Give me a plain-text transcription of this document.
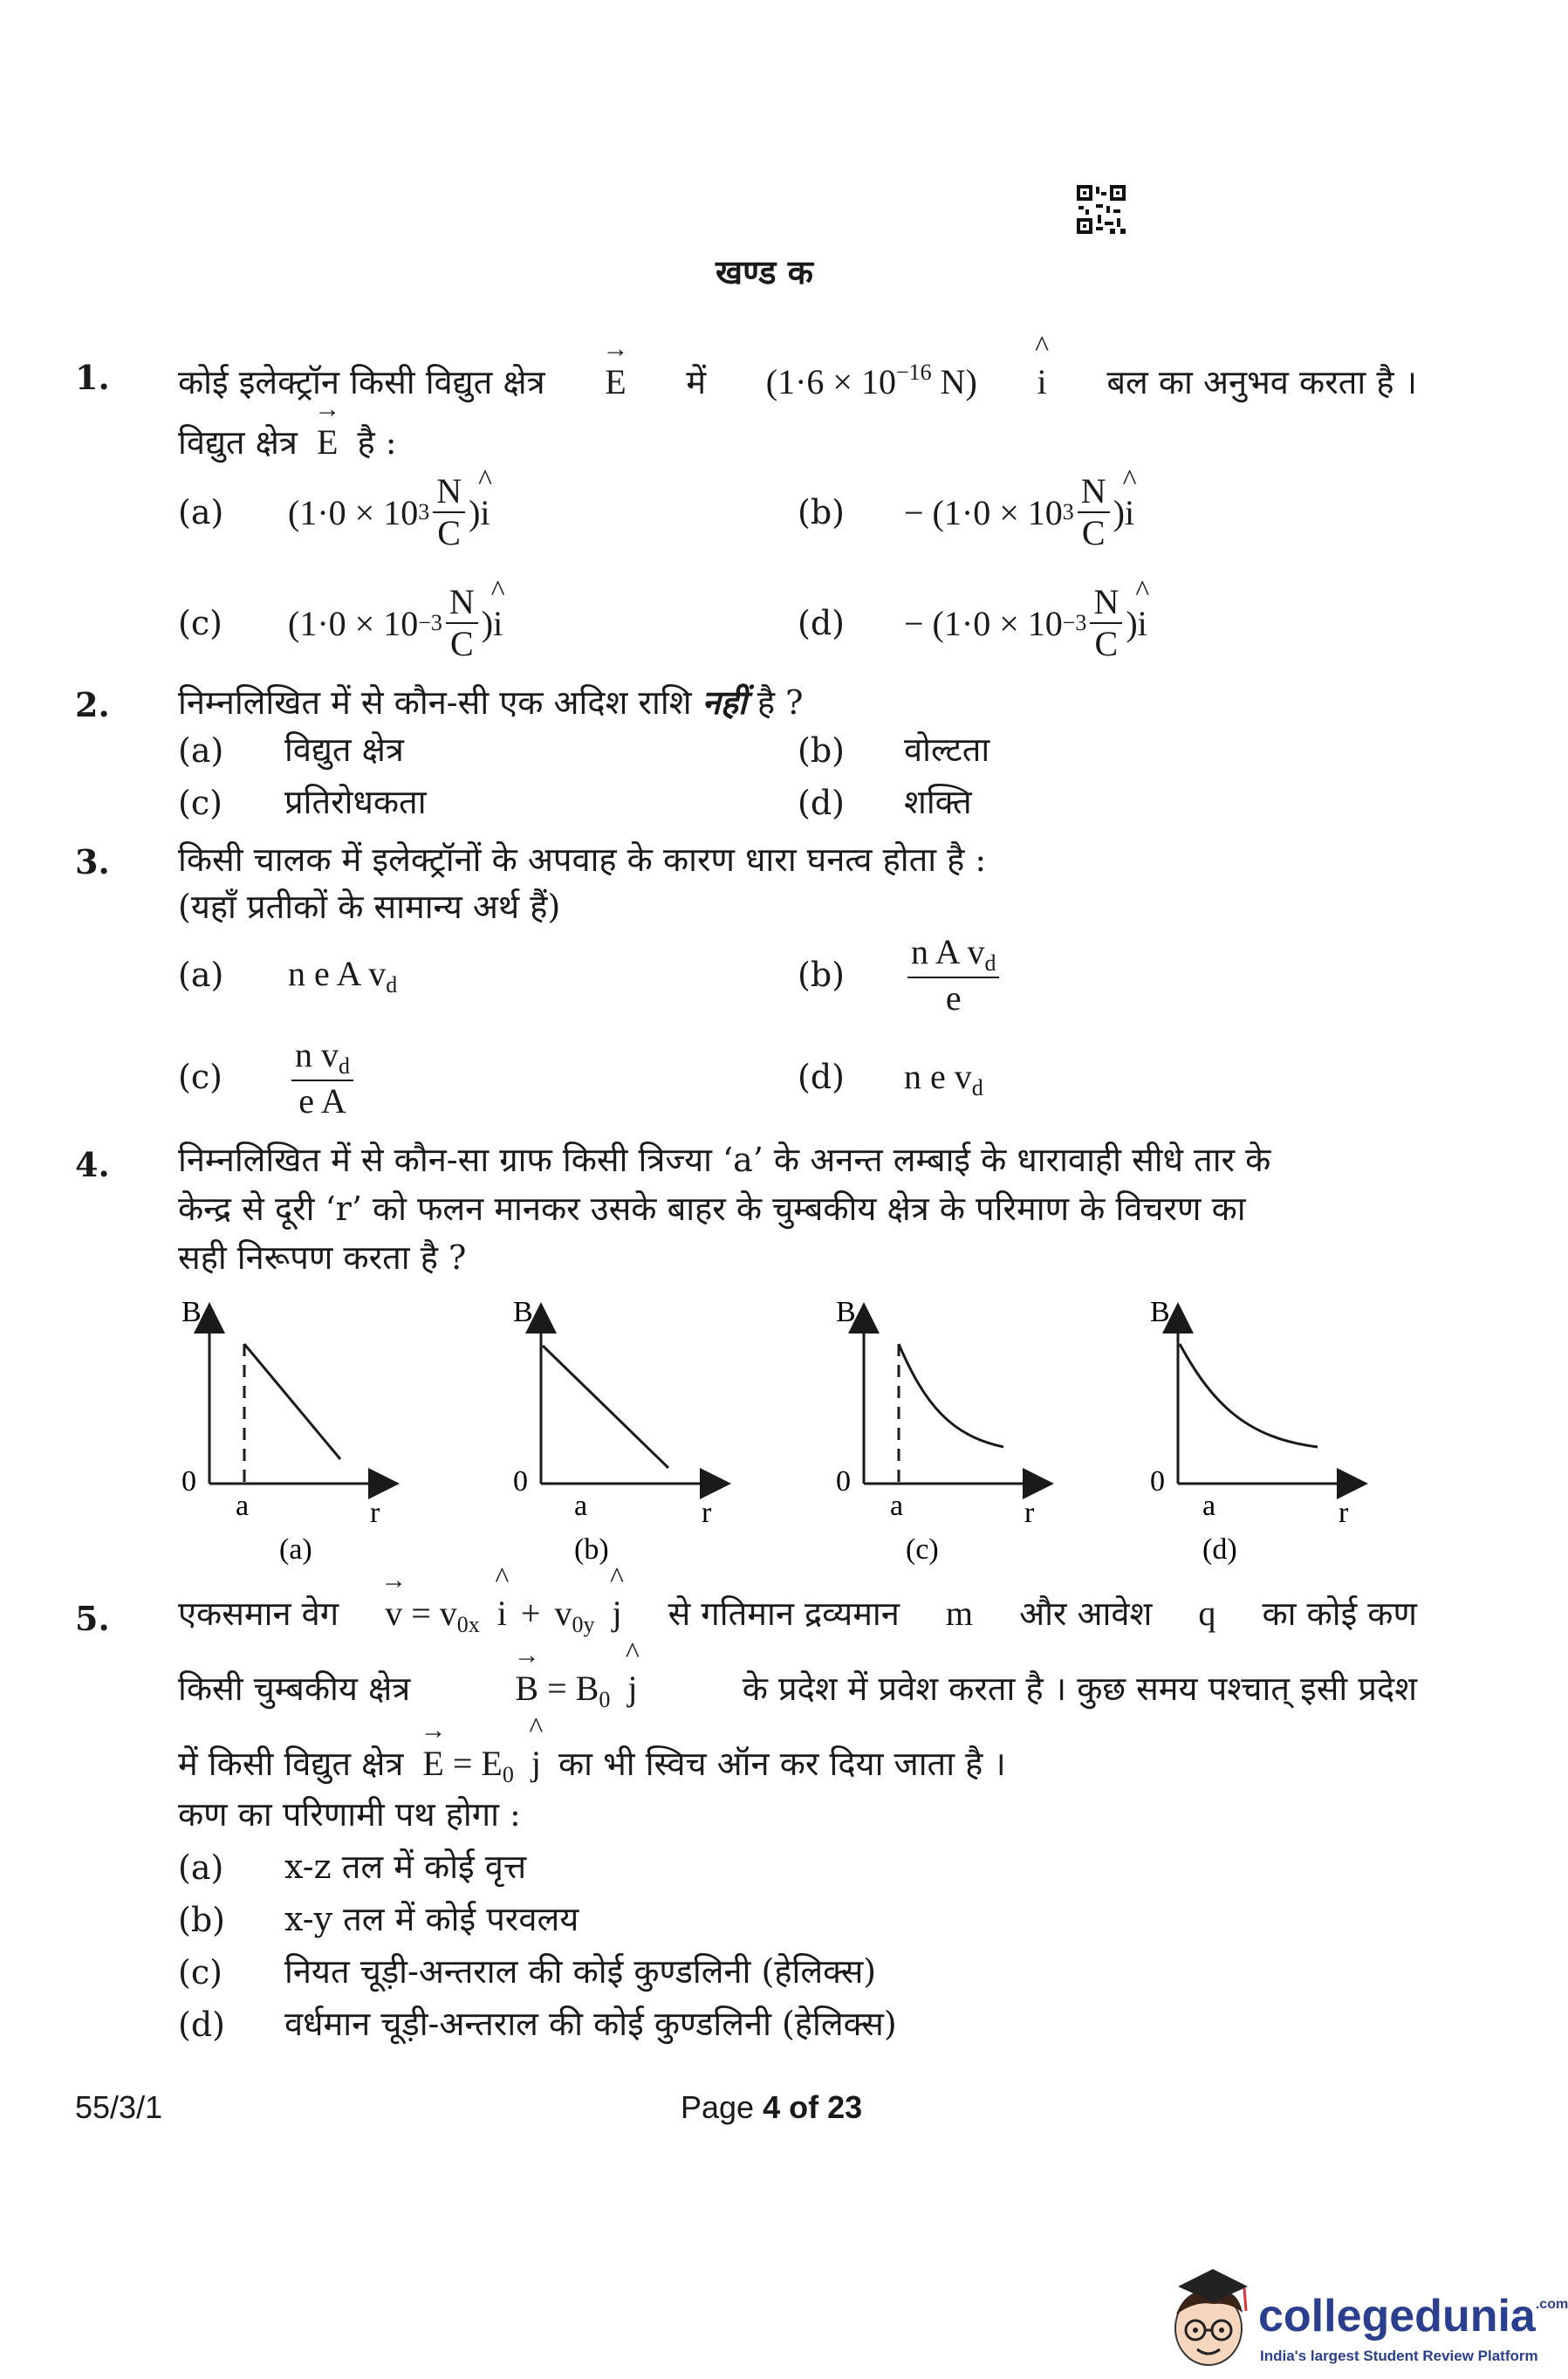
खण्ड क
1. कोई इलेक्ट्रॉन किसी विद्युत क्षेत्र
→
E में ($1\cdot 6 \times 10^{-16}$ N)
^
i बल का अनुभव करता है ।
विद्युत क्षेत्र
→
E है :
(a) (1·0 × 10 $3 \frac{N}{C}$ )
^
i	(b) − (1·0 × 10 $3 \frac{N}{C}$ )
^
i
(c) ($1\cdot 0 \times 10 -3 \frac{N}{C}$ )
^
i	$(d) - (1\cdot 0 \times 10 -3 \frac{N}{C}$ )
^
i
2. निम्नलिखित में से कौन-सी एक अदिश राशि नहीं है ?
(a) विद्युत क्षेत्र	(b) वोल्टता
(c) प्रतिरोधकता	(d) शक्ति
3. किसी चालक में इलेक्ट्रॉनों के अपवाह के कारण धारा घनत्व होता है :
(यहाँ प्रतीकों के सामान्य अर्थ हैं)
(a) n e A $v_d$	$(b) \frac{n A v_d}{e}$
$(c) \frac{n v_d}{\text{e A}}$	(d) n e $v_d$
4. निम्नलिखित में से कौन-सा ग्राफ किसी त्रिज्या ‘a’ के अनन्त लम्बाई के धारावाही सीधे तार के
केन्द्र से दूरी ‘r’ को फलन मानकर उसके बाहर के चुम्बकीय क्षेत्र के परिमाण के विचरण का
सही निरूपण करता है ?
B
0
a	r
(a)
B
0
a	r
(b)
B
0
a	r
(c)
B
0
a	r
(d)
5. एकसमान वेग
→
$v = v_{0x}$
^
$i + v_{0y}$
^
j से गतिमान द्रव्यमान m और आवेश q का कोई कण
किसी चुम्बकीय क्षेत्र
→
$B = B_0$
^
j	के प्रदेश में प्रवेश करता है । कुछ समय पश्चात् इसी प्रदेश
में किसी विद्युत क्षेत्र
→
$E = E_0$
^
j का भी स्विच ऑन कर दिया जाता है ।
कण का परिणामी पथ होगा :
(a) x-z तल में कोई वृत्त
(b) x-y तल में कोई परवलय
(c) नियत चूड़ी-अन्तराल की कोई कुण्डलिनी (हेलिक्स)
(d) वर्धमान चूड़ी-अन्तराल की कोई कुण्डलिनी (हेलिक्स)
55/3/1	Page 4 of 23
collegedunia$^{.com}$
India's largest Student Review Platform
